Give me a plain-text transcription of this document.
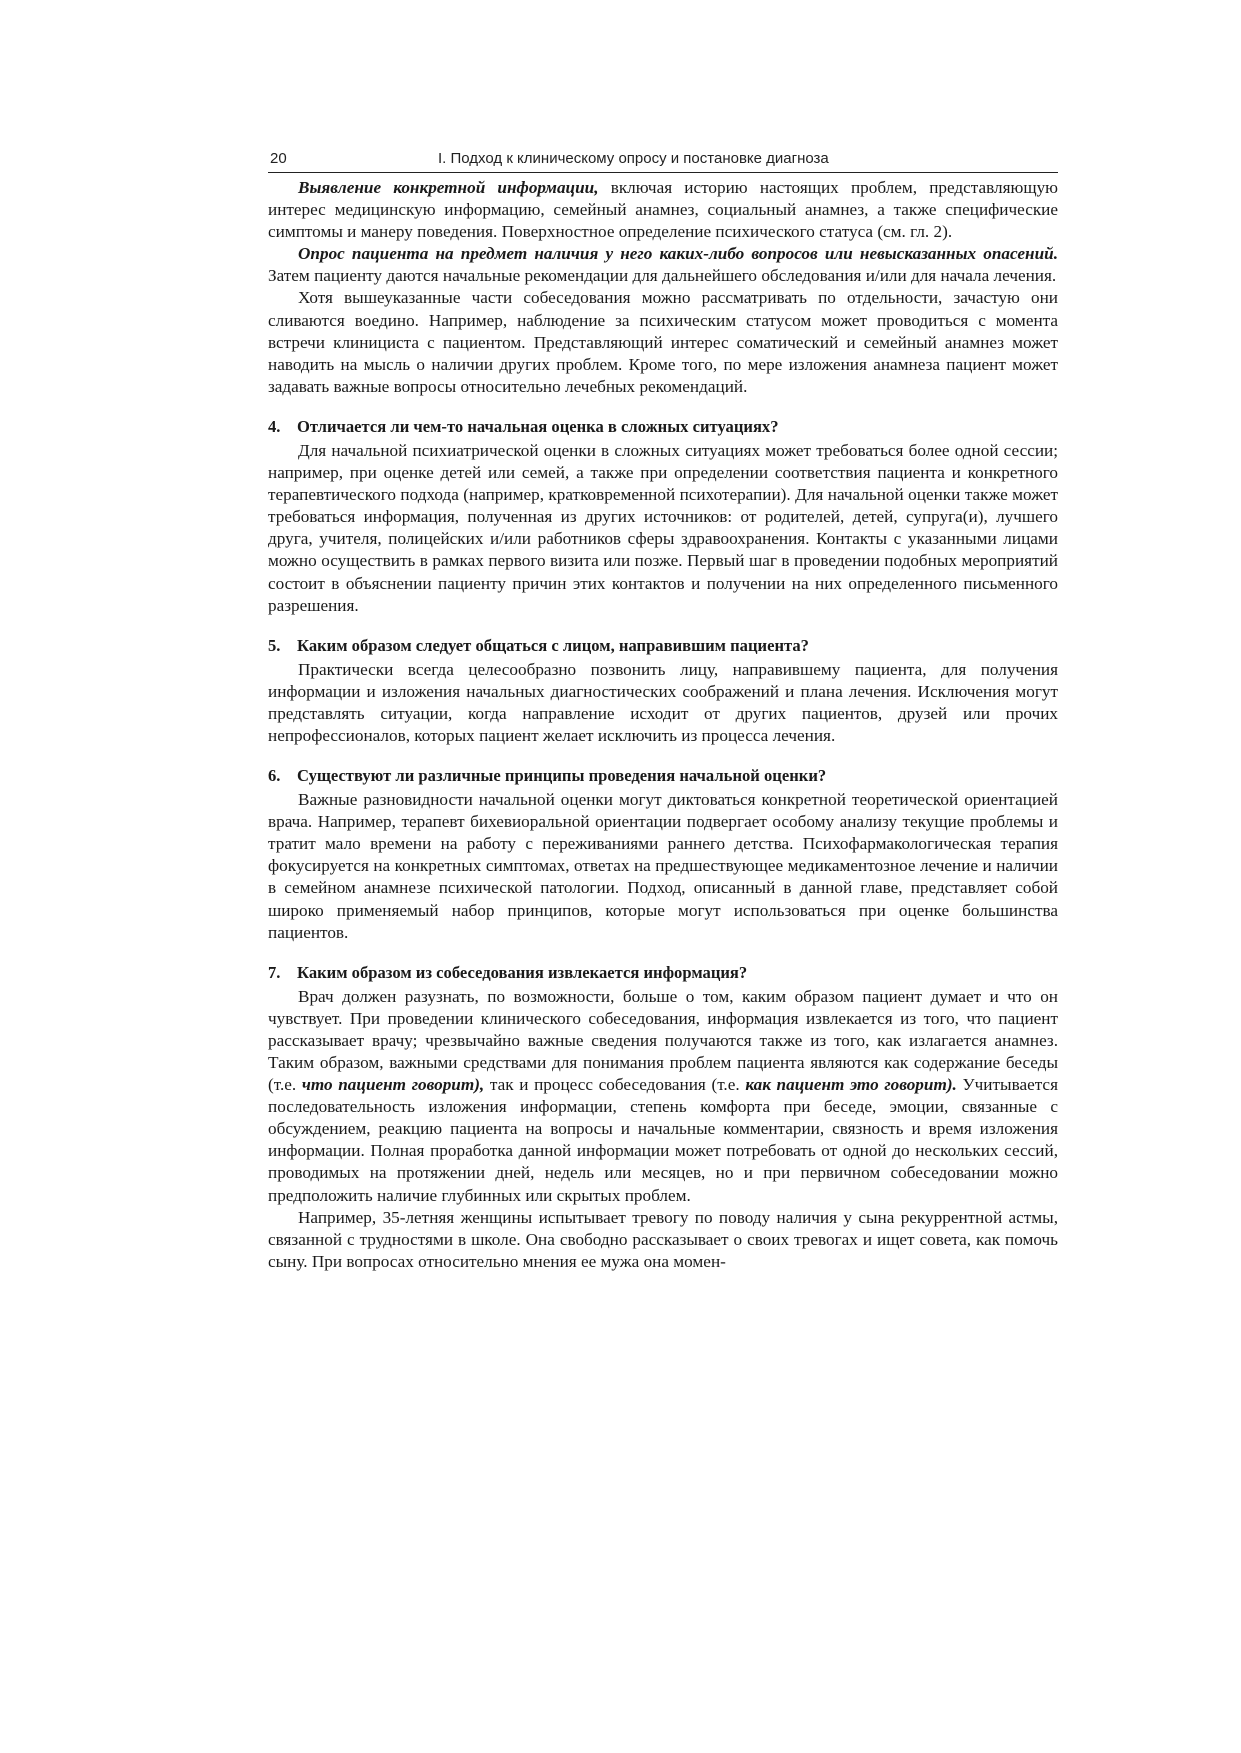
20	I. Подход к клиническому опросу и постановке диагноза

Выявление конкретной информации, включая историю настоящих проблем, представляющую интерес медицинскую информацию, семейный анамнез, социальный анамнез, а также специфические симптомы и манеру поведения. Поверхностное определение психического статуса (см. гл. 2).

Опрос пациента на предмет наличия у него каких-либо вопросов или невысказанных опасений. Затем пациенту даются начальные рекомендации для дальнейшего обследования и/или для начала лечения.

Хотя вышеуказанные части собеседования можно рассматривать по отдельности, зачастую они сливаются воедино. Например, наблюдение за психическим статусом может проводиться с момента встречи клинициста с пациентом. Представляющий интерес соматический и семейный анамнез может наводить на мысль о наличии других проблем. Кроме того, по мере изложения анамнеза пациент может задавать важные вопросы относительно лечебных рекомендаций.

4. Отличается ли чем-то начальная оценка в сложных ситуациях?

Для начальной психиатрической оценки в сложных ситуациях может требоваться более одной сессии; например, при оценке детей или семей, а также при определении соответствия пациента и конкретного терапевтического подхода (например, кратковременной психотерапии). Для начальной оценки также может требоваться информация, полученная из других источников: от родителей, детей, супруга(и), лучшего друга, учителя, полицейских и/или работников сферы здравоохранения. Контакты с указанными лицами можно осуществить в рамках первого визита или позже. Первый шаг в проведении подобных мероприятий состоит в объяснении пациенту причин этих контактов и получении на них определенного письменного разрешения.

5. Каким образом следует общаться с лицом, направившим пациента?

Практически всегда целесообразно позвонить лицу, направившему пациента, для получения информации и изложения начальных диагностических соображений и плана лечения. Исключения могут представлять ситуации, когда направление исходит от других пациентов, друзей или прочих непрофессионалов, которых пациент желает исключить из процесса лечения.

6. Существуют ли различные принципы проведения начальной оценки?

Важные разновидности начальной оценки могут диктоваться конкретной теоретической ориентацией врача. Например, терапевт бихевиоральной ориентации подвергает особому анализу текущие проблемы и тратит мало времени на работу с переживаниями раннего детства. Психофармакологическая терапия фокусируется на конкретных симптомах, ответах на предшествующее медикаментозное лечение и наличии в семейном анамнезе психической патологии. Подход, описанный в данной главе, представляет собой широко применяемый набор принципов, которые могут использоваться при оценке большинства пациентов.

7. Каким образом из собеседования извлекается информация?

Врач должен разузнать, по возможности, больше о том, каким образом пациент думает и что он чувствует. При проведении клинического собеседования, информация извлекается из того, что пациент рассказывает врачу; чрезвычайно важные сведения получаются также из того, как излагается анамнез. Таким образом, важными средствами для понимания проблем пациента являются как содержание беседы (т.е. что пациент говорит), так и процесс собеседования (т.е. как пациент это говорит). Учитывается последовательность изложения информации, степень комфорта при беседе, эмоции, связанные с обсуждением, реакцию пациента на вопросы и начальные комментарии, связность и время изложения информации. Полная проработка данной информации может потребовать от одной до нескольких сессий, проводимых на протяжении дней, недель или месяцев, но и при первичном собеседовании можно предположить наличие глубинных или скрытых проблем.

Например, 35-летняя женщины испытывает тревогу по поводу наличия у сына рекуррентной астмы, связанной с трудностями в школе. Она свободно рассказывает о своих тревогах и ищет совета, как помочь сыну. При вопросах относительно мнения ее мужа она момен-
